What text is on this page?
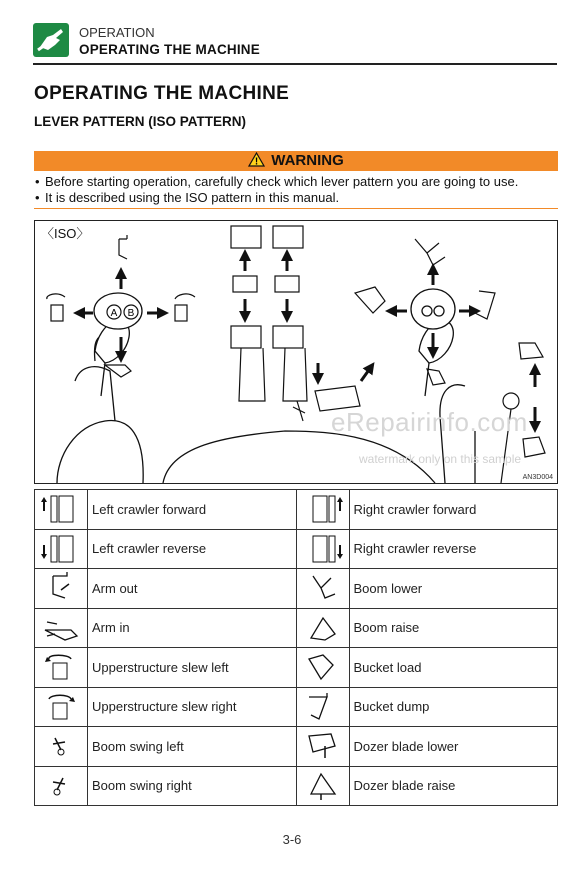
OPERATION
OPERATING THE MACHINE
OPERATING THE MACHINE
LEVER PATTERN (ISO PATTERN)
! WARNING
• Before starting operation, carefully check which lever pattern you are going to use.
• It is described using the ISO pattern in this manual.
〈ISO〉
A B
eRepairinfo.com
watermark only on this sample
AN3D004
	Left crawler forward		Right crawler forward

	Left crawler reverse		Right crawler reverse

	Arm out		Boom lower

	Arm in		Boom raise

	Upperstructure slew left		Bucket load

	Upperstructure slew right		Bucket dump

	Boom swing left		Dozer blade lower

	Boom swing right		Dozer blade raise
3-6
